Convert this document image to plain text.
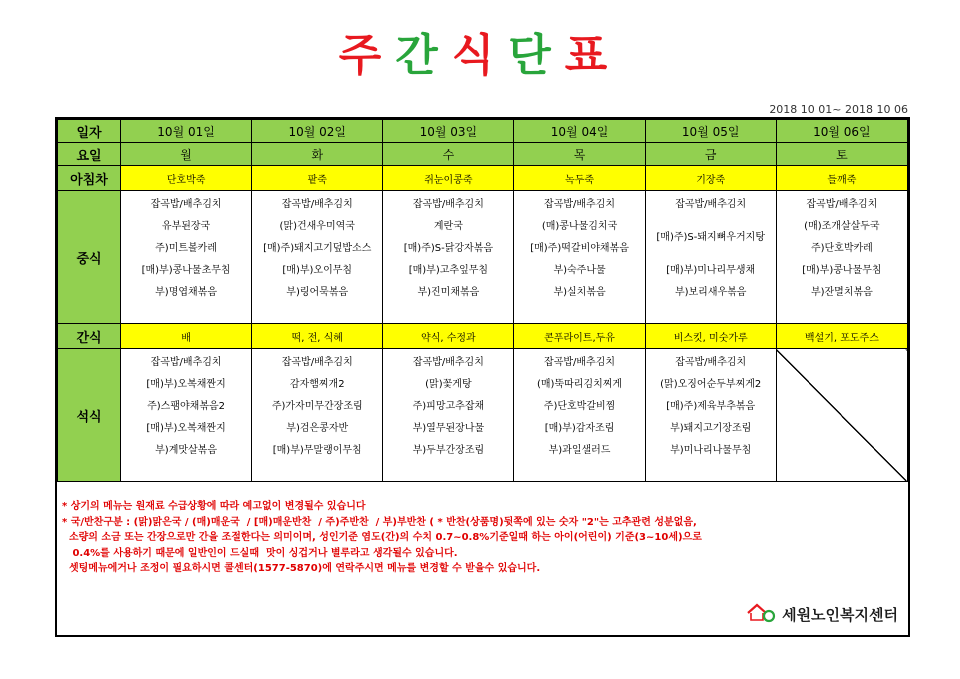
주간식단표
2018 10 01~ 2018 10 06
일자	10월 01일	10월 02일	10월 03일	10월 04일	10월 05일	10월 06일
요일	월	화	수	목	금	토
아침차	단호박죽	팥죽	쥐눈이콩죽	녹두죽	기장죽	들깨죽
중식	잡곡밥/배추김치	잡곡밥/배추김치	잡곡밥/배추김치	잡곡밥/배추김치	잡곡밥/배추김치	잡곡밥/배추김치
	유부된장국	(맑)건새우미역국	계란국	(매)콩나물김치국	[매)주)S-돼지뼈우거지탕	(매)조개살살두국
	주)미트볼카레	[매)주)돼지고기덮밥소스	[매)주)S-닭강자볶음	[매)주)떡갈비야채볶음		주)단호박카레
	[매)부)콩나물초무침	[매)부)오이무침	[매)부)고추잎무침	부)숙주나물	[매)부)미나리무생채	[매)부)콩나물무침
	부)명엽채볶음	부)링어묵볶음	부)진미채볶음	부)실치볶음	부)보리새우볶음	부)잔멸치볶음

간식	배	떡, 전, 식혜	약식, 수정과	콘푸라이트,두유	비스킷, 미숫가루	백설기, 포도주스
석식	잡곡밥/배추김치	잡곡밥/배추김치	잡곡밥/배추김치	잡곡밥/배추김치	잡곡밥/배추김치	
	[매)부)오복채짠지	감자햄찌개2	(맑)꽃게탕	(매)뚝따리김치찌게	(맑)오징어순두부찌게2	
	주)스팸야채볶음2	주)가자미무간장조림	주)피망고추잡채	주)단호박갈비찜	[매)주)제육부추볶음	
	[매)부)오복채짠지	부)검은콩자반	부)열무된장나물	[매)부)감자조림	부)돼지고기장조림	
	부)계맛살볶음	[매)부)무말랭이무침	부)두부간장조림	부)과일샐러드	부)미나리나물무침	

* 상기의 메뉴는 원재료 수급상황에 따라 예고없이 변경될수 있습니다
* 국/반찬구분 : (맑)맑은국 / (매)매운국  / [매)매운반찬  / 주)주반찬  / 부)부반찬 ( * 반찬(상품명)뒷쪽에 있는 숫자 "2"는 고추관련 성분없음,
소량의 소금 또는 간장으로만 간을 조절한다는 의미이며, 성인기준 염도(간)의 수치 0.7~0.8%기준일때 하는 아이(어린이) 기준(3~10세)으로
0.4%를 사용하기 때문에 일반인이 드실때  맛이 싱겁거나 별루라고 생각될수 있습니다.
셋팅메뉴에거나 조정이 필요하시면 콜센터(1577-5870)에 연락주시면 메뉴를 변경할 수 받을수 있습니다.
세원노인복지센터
